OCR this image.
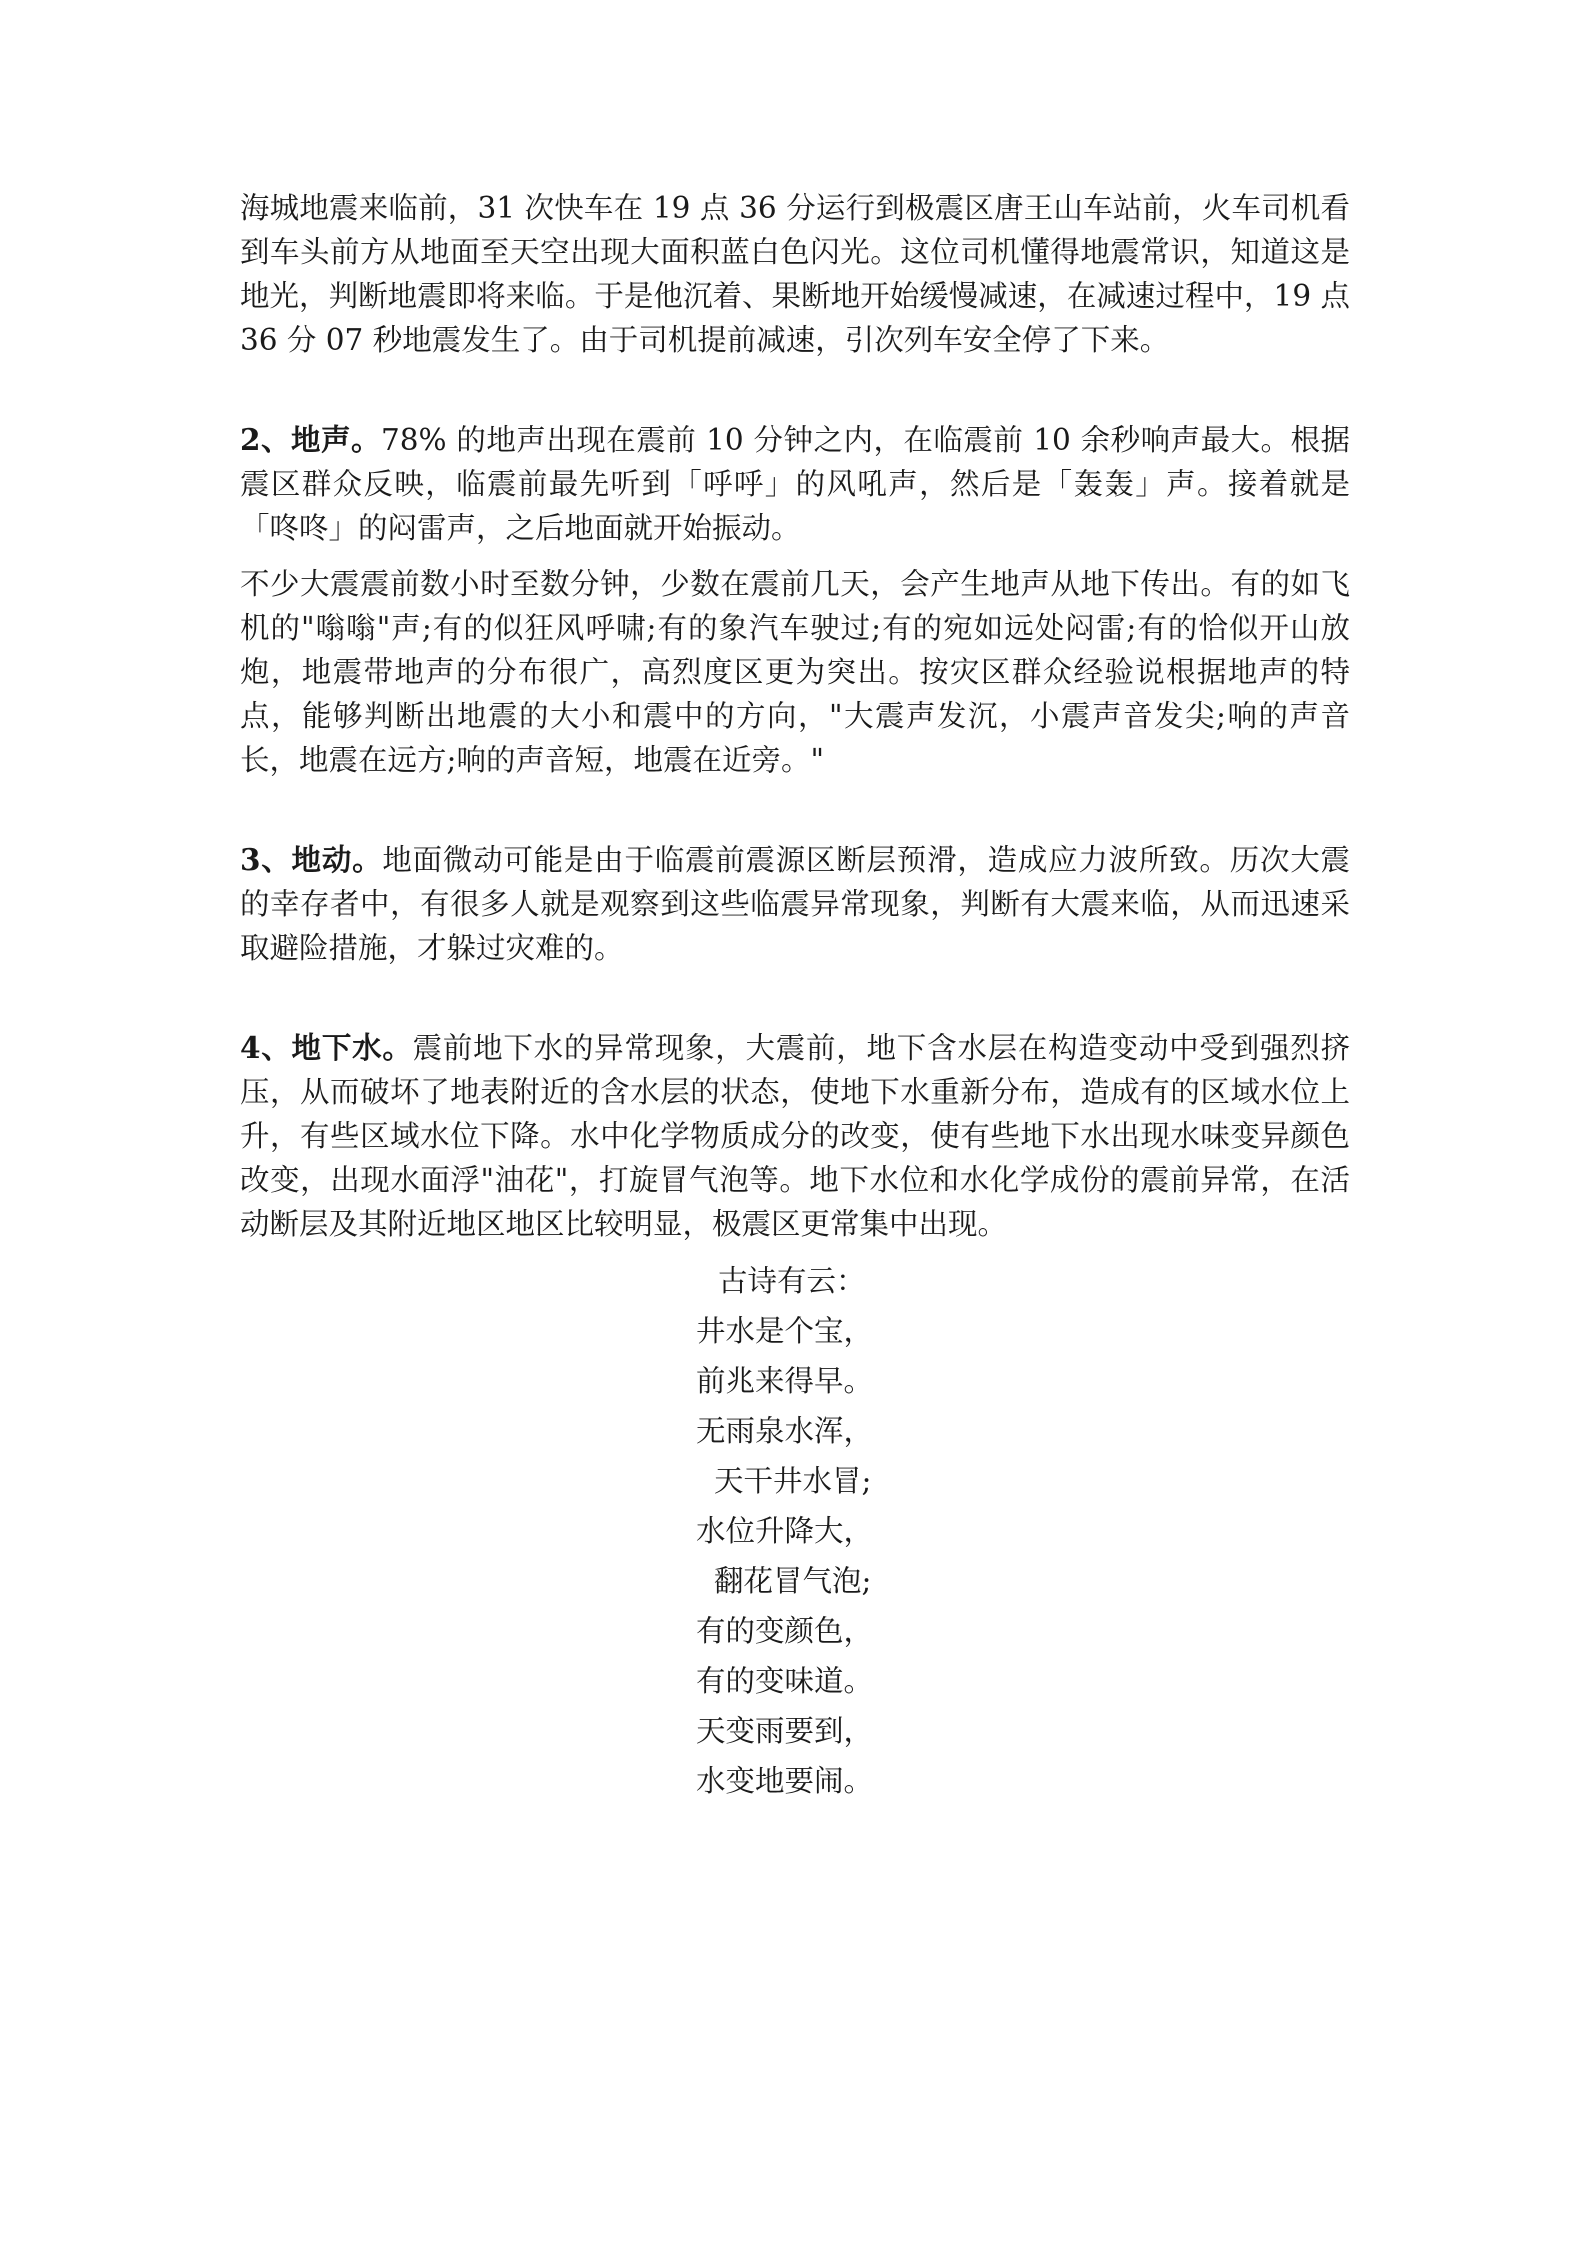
海城地震来临前，31 次快车在 19 点 36 分运行到极震区唐王山车站前，火车司机看到车头前方从地面至天空出现大面积蓝白色闪光。这位司机懂得地震常识，知道这是地光，判断地震即将来临。于是他沉着、果断地开始缓慢减速，在减速过程中，19 点 36 分 07 秒地震发生了。由于司机提前减速，引次列车安全停了下来。

2、地声。78% 的地声出现在震前 10 分钟之内，在临震前 10 余秒响声最大。根据震区群众反映，临震前最先听到「呼呼」的风吼声，然后是「轰轰」声。接着就是「咚咚」的闷雷声，之后地面就开始振动。

不少大震震前数小时至数分钟，少数在震前几天，会产生地声从地下传出。有的如飞机的"嗡嗡"声;有的似狂风呼啸;有的象汽车驶过;有的宛如远处闷雷;有的恰似开山放炮，地震带地声的分布很广，高烈度区更为突出。按灾区群众经验说根据地声的特点，能够判断出地震的大小和震中的方向，"大震声发沉，小震声音发尖;响的声音长，地震在远方;响的声音短，地震在近旁。"

3、地动。地面微动可能是由于临震前震源区断层预滑，造成应力波所致。历次大震的幸存者中，有很多人就是观察到这些临震异常现象，判断有大震来临，从而迅速采取避险措施，才躲过灾难的。

4、地下水。震前地下水的异常现象，大震前，地下含水层在构造变动中受到强烈挤压，从而破坏了地表附近的含水层的状态，使地下水重新分布，造成有的区域水位上升，有些区域水位下降。水中化学物质成分的改变，使有些地下水出现水味变异颜色改变，出现水面浮"油花"，打旋冒气泡等。地下水位和水化学成份的震前异常，在活动断层及其附近地区地区比较明显，极震区更常集中出现。

古诗有云：
井水是个宝，
前兆来得早。
无雨泉水浑，
天干井水冒;
水位升降大，
翻花冒气泡;
有的变颜色，
有的变味道。
天变雨要到，
水变地要闹。
